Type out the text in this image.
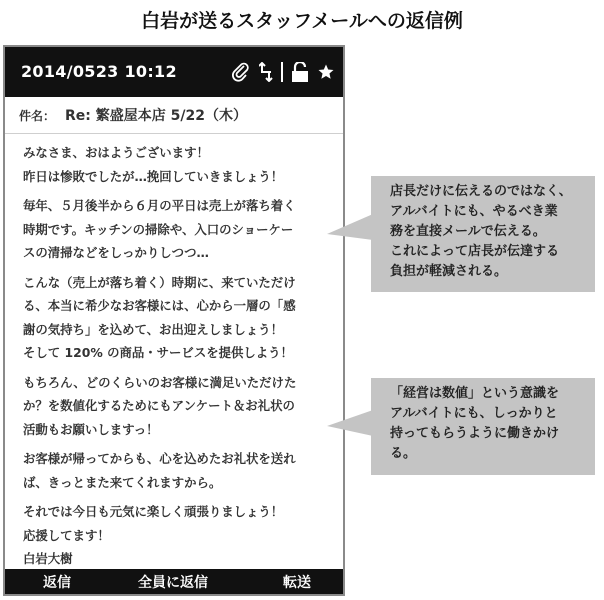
白岩が送るスタッフメールへの返信例
2014/0523 10:12
件名： Re: 繁盛屋本店 5/22（木）
みなさま、おはようございます！
昨日は惨敗でしたが…挽回していきましょう！
毎年、５月後半から６月の平日は売上が落ち着く
時期です。キッチンの掃除や、入口のショーケー
スの清掃などをしっかりしつつ…
こんな（売上が落ち着く）時期に、来ていただけ
る、本当に希少なお客様には、心から一層の「感
謝の気持ち」を込めて、お出迎えしましょう！
そして 120% の商品・サービスを提供しよう！
もちろん、どのくらいのお客様に満足いただけた
か？を数値化するためにもアンケート＆お礼状の
活動もお願いしますっ！
お客様が帰ってからも、心を込めたお礼状を送れ
ば、きっとまた来てくれますから。
それでは今日も元気に楽しく頑張りましょう！
応援してます！
白岩大樹
返信	全員に返信	転送
店長だけに伝えるのではなく、
アルバイトにも、やるべき業
務を直接メールで伝える。
これによって店長が伝達する
負担が軽減される。
「経営は数値」という意識を
アルバイトにも、しっかりと
持ってもらうように働きかけ
る。
